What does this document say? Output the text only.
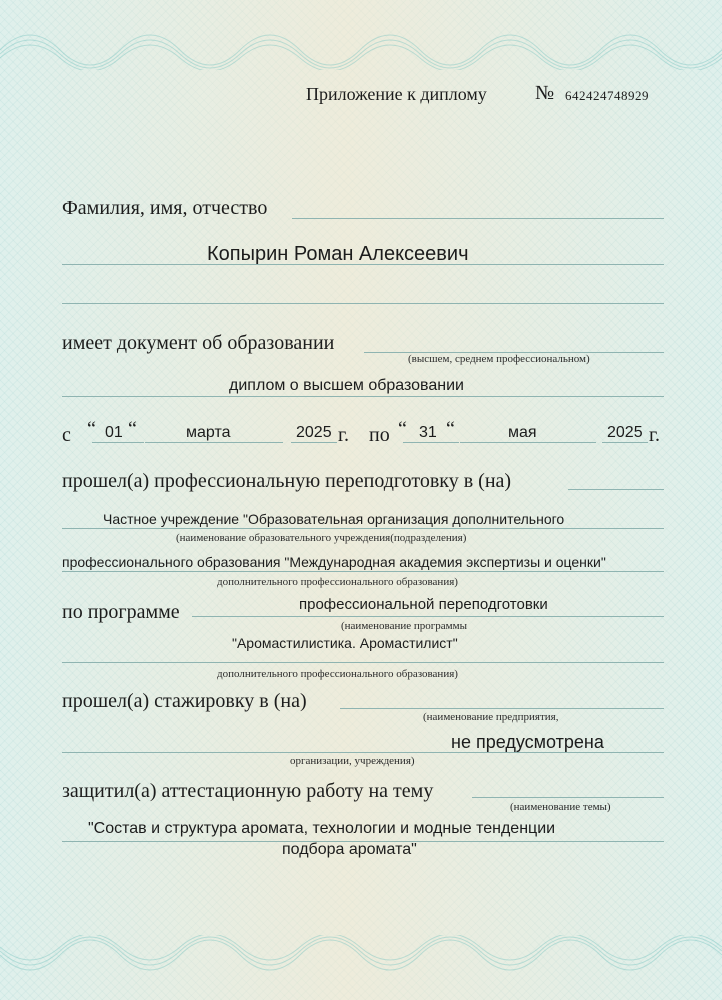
Приложение к диплому № 642424748929
Фамилия, имя, отчество
Копырин Роман Алексеевич
имеет документ об образовании
(высшем, среднем профессиональном)
диплом о высшем образовании
с “ 01 “	марта	2025 г. по “ 31 “	мая	2025 г.
прошел(а) профессиональную переподготовку в (на)
Частное учреждение "Образовательная организация дополнительного
(наименование образовательного учреждения(подразделения)
профессионального образования "Международная академия экспертизы и оценки"
дополнительного профессионального образования)
по программе	профессиональной переподготовки
(наименование программы
"Аромастилистика. Аромастилист"
дополнительного профессионального образования)
прошел(а) стажировку в (на)
(наименование предприятия,
не предусмотрена
организации, учреждения)
защитил(а) аттестационную работу на тему
(наименование темы)
"Состав и структура аромата, технологии и модные тенденции
подбора аромата"
